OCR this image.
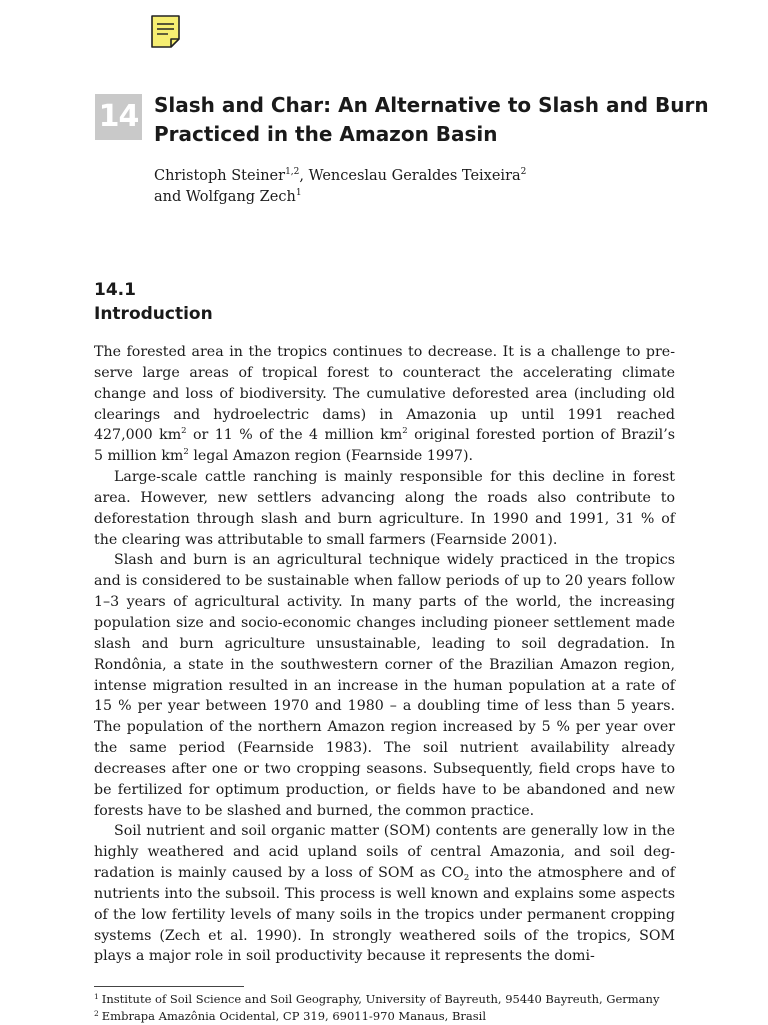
14 Slash and Char: An Alternative to Slash and Burn Practiced in the Amazon Basin
Christoph Steiner$^{1,2}$, Wenceslau Geraldes Teixeira$^2$
and Wolfgang Zech$^1$
14.1
Introduction

The forested area in the tropics continues to decrease. It is a challenge to preserve large areas of tropical forest to counteract the accelerating climate change and loss of biodiversity. The cumulative deforested area (including old clearings and hydroelectric dams) in Amazonia up until 1991 reached 427,000 $km^2$ or 11 % of the 4 million $km^2$ original forested portion of Brazil’s 5 million $km^2$ legal Amazon region (Fearnside 1997).

Large-scale cattle ranching is mainly responsible for this decline in forest area. However, new settlers advancing along the roads also contribute to deforestation through slash and burn agriculture. In 1990 and 1991, 31 % of the clearing was attributable to small farmers (Fearnside 2001).

Slash and burn is an agricultural technique widely practiced in the tropics and is considered to be sustainable when fallow periods of up to 20 years follow 1–3 years of agricultural activity. In many parts of the world, the increasing population size and socio-economic changes including pioneer settlement made slash and burn agriculture unsustainable, leading to soil degradation. In Rondônia, a state in the southwestern corner of the Brazilian Amazon region, intense migration resulted in an increase in the human population at a rate of 15 % per year between 1970 and 1980 – a doubling time of less than 5 years. The population of the northern Amazon region increased by 5 % per year over the same period (Fearnside 1983). The soil nutrient availability already decreases after one or two cropping seasons. Subsequently, field crops have to be fertilized for optimum production, or fields have to be abandoned and new forests have to be slashed and burned, the common practice.

Soil nutrient and soil organic matter (SOM) contents are generally low in the highly weathered and acid upland soils of central Amazonia, and soil degradation is mainly caused by a loss of SOM as $CO_2$ into the atmosphere and of nutrients into the subsoil. This process is well known and explains some aspects of the low fertility levels of many soils in the tropics under permanent cropping systems (Zech et al. 1990). In strongly weathered soils of the tropics, SOM plays a major role in soil productivity because it represents the domi-

$^1$ Institute of Soil Science and Soil Geography, University of Bayreuth, 95440 Bayreuth, Germany
$^2$ Embrapa Amazônia Ocidental, CP 319, 69011-970 Manaus, Brasil
